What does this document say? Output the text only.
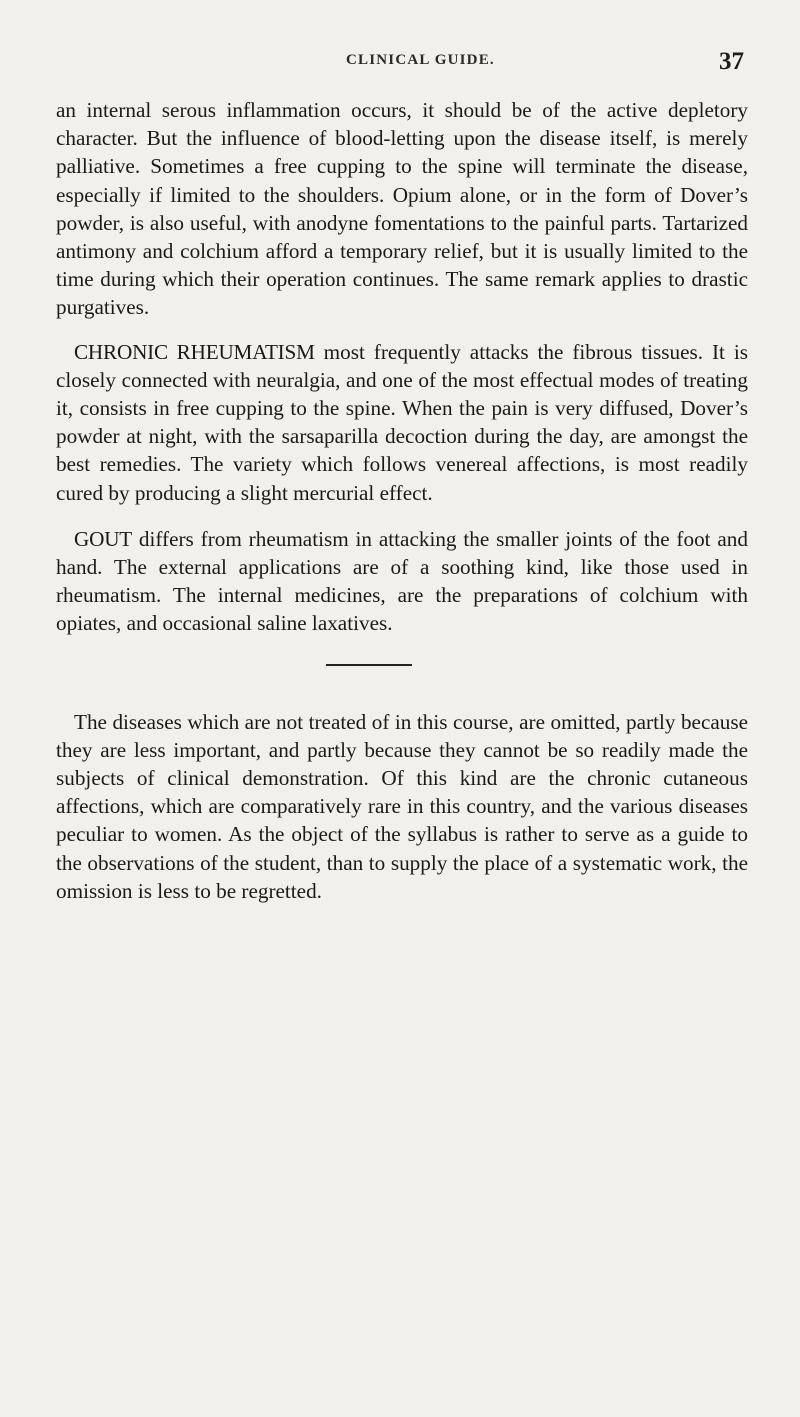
CLINICAL GUIDE.	37

an internal serous inflammation occurs, it should be of the active depletory character. But the influence of blood-letting upon the disease itself, is merely palliative. Sometimes a free cupping to the spine will terminate the disease, especially if limited to the shoulders. Opium alone, or in the form of Dover’s powder, is also useful, with anodyne fomentations to the painful parts. Tartarized antimony and colchium afford a temporary relief, but it is usually limited to the time during which their operation continues. The same remark applies to drastic purgatives.

CHRONIC RHEUMATISM most frequently attacks the fibrous tissues. It is closely connected with neuralgia, and one of the most effectual modes of treating it, consists in free cupping to the spine. When the pain is very diffused, Dover’s powder at night, with the sarsaparilla decoction during the day, are amongst the best remedies. The variety which follows venereal affections, is most readily cured by producing a slight mercurial effect.

GOUT differs from rheumatism in attacking the smaller joints of the foot and hand. The external applications are of a soothing kind, like those used in rheumatism. The internal medicines, are the preparations of colchium with opiates, and occasional saline laxatives.

The diseases which are not treated of in this course, are omitted, partly because they are less important, and partly because they cannot be so readily made the subjects of clinical demonstration. Of this kind are the chronic cutaneous affections, which are comparatively rare in this country, and the various diseases peculiar to women. As the object of the syllabus is rather to serve as a guide to the observations of the student, than to supply the place of a systematic work, the omission is less to be regretted.
